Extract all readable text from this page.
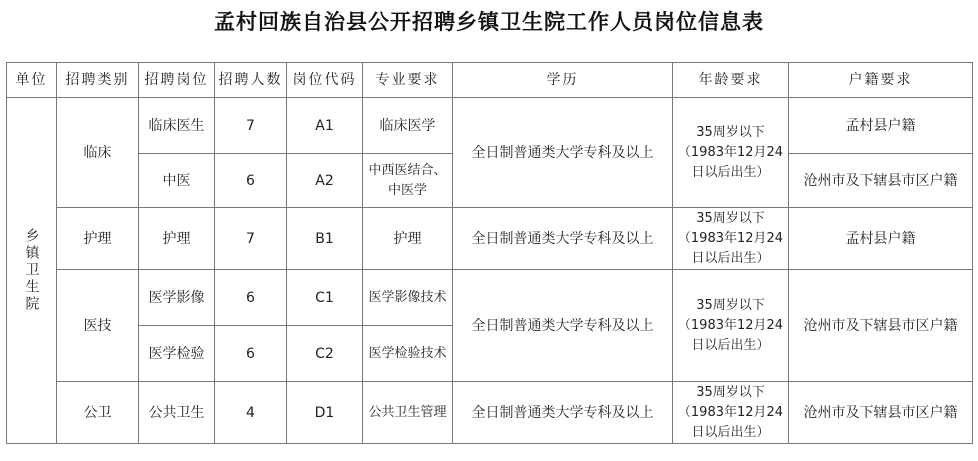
孟村回族自治县公开招聘乡镇卫生院工作人员岗位信息表
单位	招聘类别	招聘岗位	招聘人数	岗位代码	专业要求	学历	年龄要求	户籍要求

乡镇卫生院	临床	临床医生	7	A1	临床医学	全日制普通类大学专科及以上	35周岁以下（1983年12月24 日以后出生）	孟村县户籍
		中医	6	A2	中西医结合、中医学			沧州市及下辖县市区户籍
	护理	护理	7	B1	护理	全日制普通类大学专科及以上	35周岁以下（1983年12月24 日以后出生）	孟村县户籍
	医技	医学影像	6	C1	医学影像技术	全日制普通类大学专科及以上	35周岁以下（1983年12月24 日以后出生）	沧州市及下辖县市区户籍
		医学检验	6	C2	医学检验技术			
	公卫	公共卫生	4	D1	公共卫生管理	全日制普通类大学专科及以上	35周岁以下（1983年12月24 日以后出生）	沧州市及下辖县市区户籍
